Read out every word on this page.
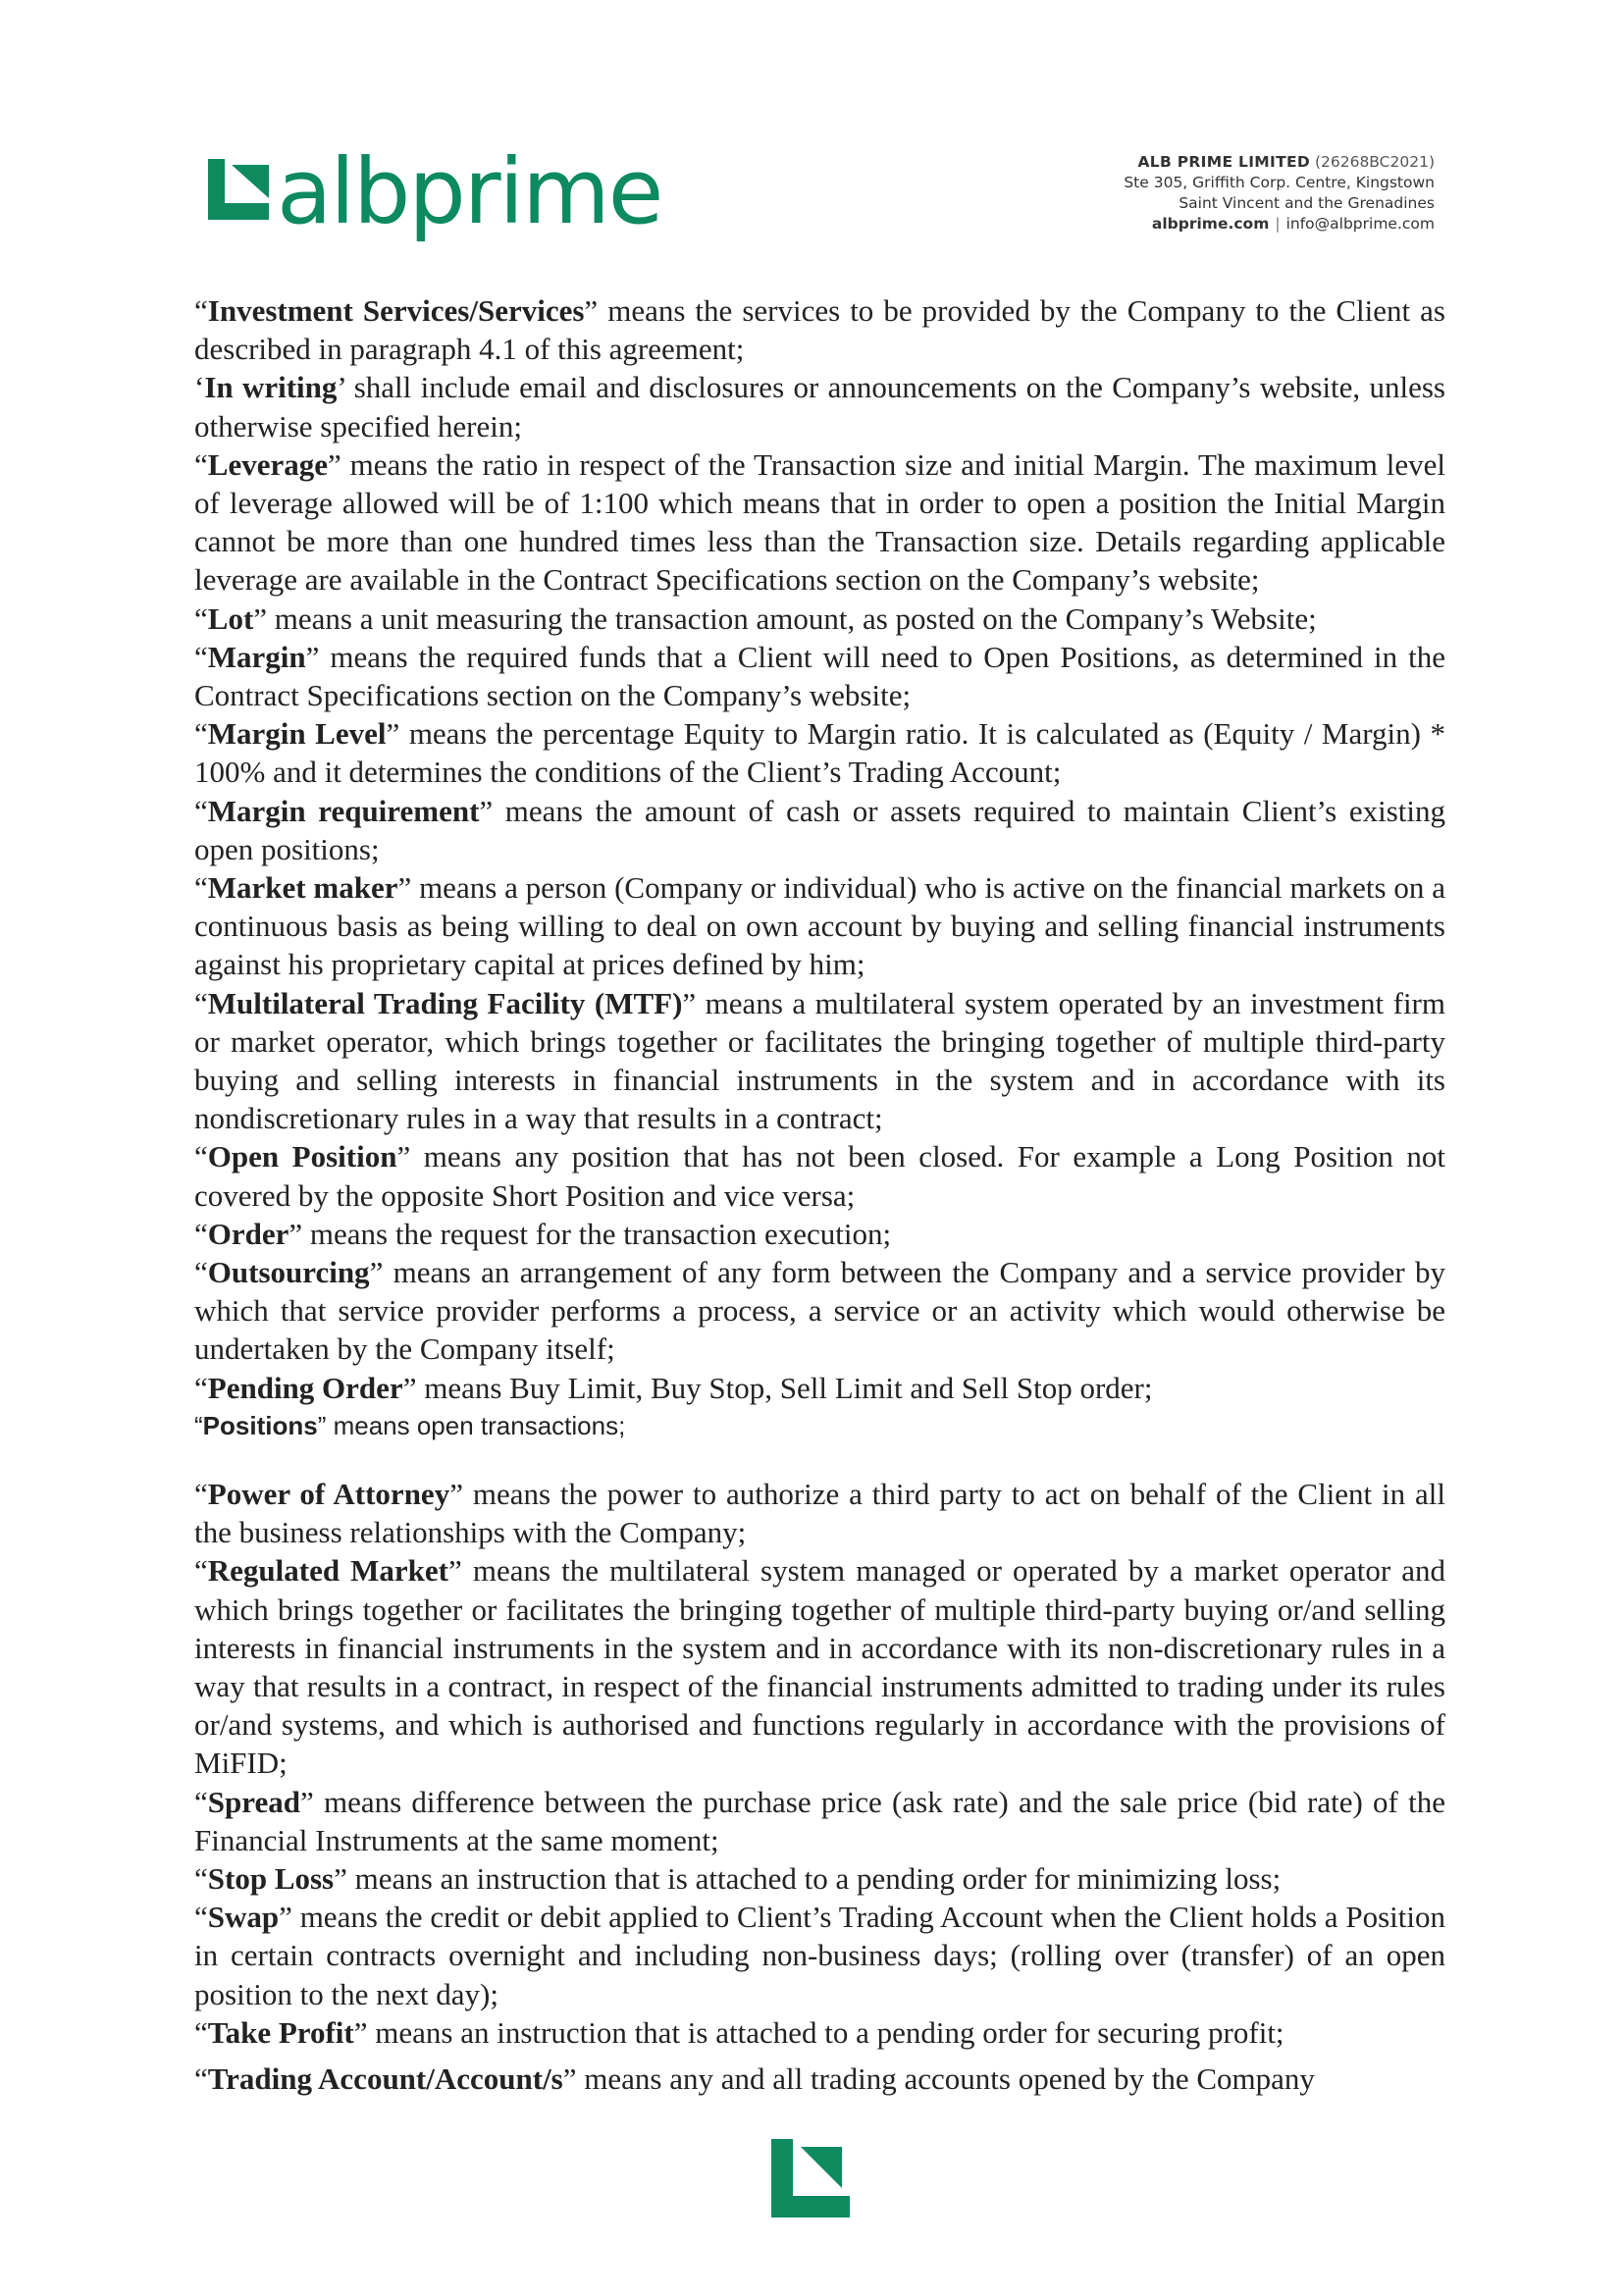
albprime	ALB PRIME LIMITED (26268BC2021)
Ste 305, Griffith Corp. Centre, Kingstown
Saint Vincent and the Grenadines
albprime.com | info@albprime.com

“Investment Services/Services” means the services to be provided by the Company to the Client as described in paragraph 4.1 of this agreement;

‘In writing’ shall include email and disclosures or announcements on the Company’s website, unless otherwise specified herein;

“Leverage” means the ratio in respect of the Transaction size and initial Margin. The maximum level of leverage allowed will be of 1:100 which means that in order to open a position the Initial Margin cannot be more than one hundred times less than the Transaction size. Details regarding applicable leverage are available in the Contract Specifications section on the Company’s website;

“Lot” means a unit measuring the transaction amount, as posted on the Company’s Website;

“Margin” means the required funds that a Client will need to Open Positions, as determined in the Contract Specifications section on the Company’s website;

“Margin Level” means the percentage Equity to Margin ratio. It is calculated as (Equity / Margin) * 100% and it determines the conditions of the Client’s Trading Account;

“Margin requirement” means the amount of cash or assets required to maintain Client’s existing open positions;

“Market maker” means a person (Company or individual) who is active on the financial markets on a continuous basis as being willing to deal on own account by buying and selling financial instruments against his proprietary capital at prices defined by him;

“Multilateral Trading Facility (MTF)” means a multilateral system operated by an investment firm or market operator, which brings together or facilitates the bringing together of multiple third-party buying and selling interests in financial instruments in the system and in accordance with its nondiscretionary rules in a way that results in a contract;

“Open Position” means any position that has not been closed. For example a Long Position not covered by the opposite Short Position and vice versa;

“Order” means the request for the transaction execution;

“Outsourcing” means an arrangement of any form between the Company and a service provider by which that service provider performs a process, a service or an activity which would otherwise be undertaken by the Company itself;

“Pending Order” means Buy Limit, Buy Stop, Sell Limit and Sell Stop order;

“Positions” means open transactions;

“Power of Attorney” means the power to authorize a third party to act on behalf of the Client in all the business relationships with the Company;

“Regulated Market” means the multilateral system managed or operated by a market operator and which brings together or facilitates the bringing together of multiple third-party buying or/and selling interests in financial instruments in the system and in accordance with its non-discretionary rules in a way that results in a contract, in respect of the financial instruments admitted to trading under its rules or/and systems, and which is authorised and functions regularly in accordance with the provisions of MiFID;

“Spread” means difference between the purchase price (ask rate) and the sale price (bid rate) of the Financial Instruments at the same moment;

“Stop Loss” means an instruction that is attached to a pending order for minimizing loss;

“Swap” means the credit or debit applied to Client’s Trading Account when the Client holds a Position in certain contracts overnight and including non-business days; (rolling over (transfer) of an open position to the next day);

“Take Profit” means an instruction that is attached to a pending order for securing profit;

“Trading Account/Account/s” means any and all trading accounts opened by the Company
